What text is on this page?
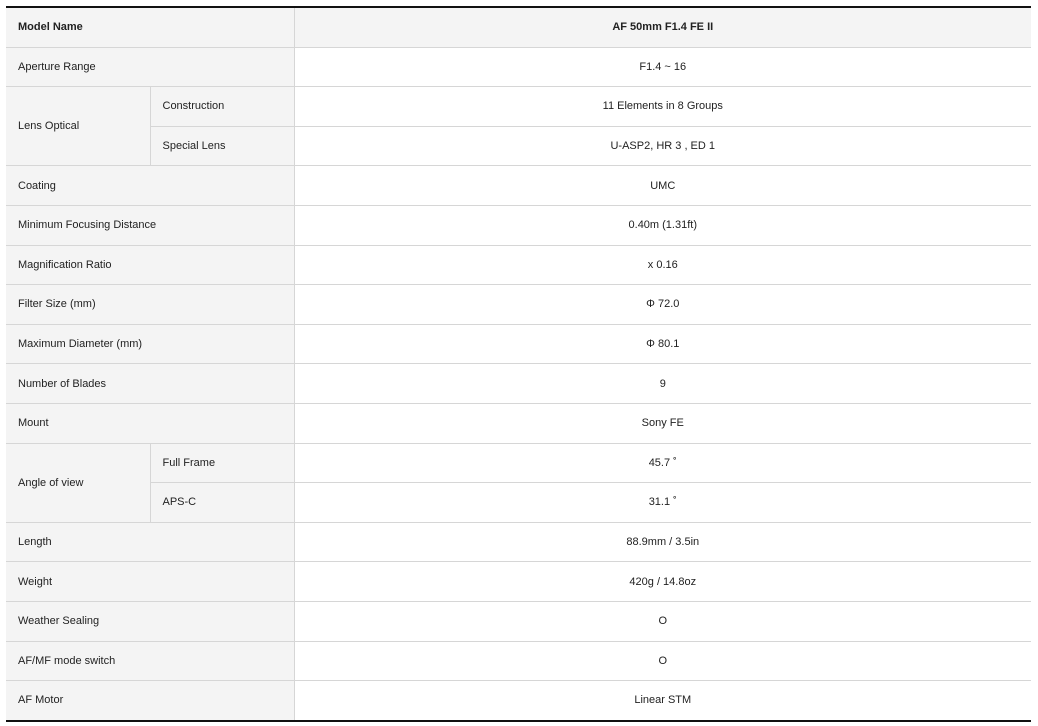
Model Name		AF 50mm F1.4 FE II
Aperture Range		F1.4 ~ 16
Lens Optical	Construction	11 Elements in 8 Groups
	Special Lens	U-ASP2, HR 3 , ED 1
Coating		UMC
Minimum Focusing Distance		0.40m (1.31ft)
Magnification Ratio		x 0.16
Filter Size (mm)		Φ 72.0
Maximum Diameter (mm)		Φ 80.1
Number of Blades		9
Mount		Sony FE
Angle of view	Full Frame	45.7 ˚
	APS-C	31.1 ˚
Length		88.9mm / 3.5in
Weight		420g / 14.8oz
Weather Sealing		O
AF/MF mode switch		O
AF Motor		Linear STM
